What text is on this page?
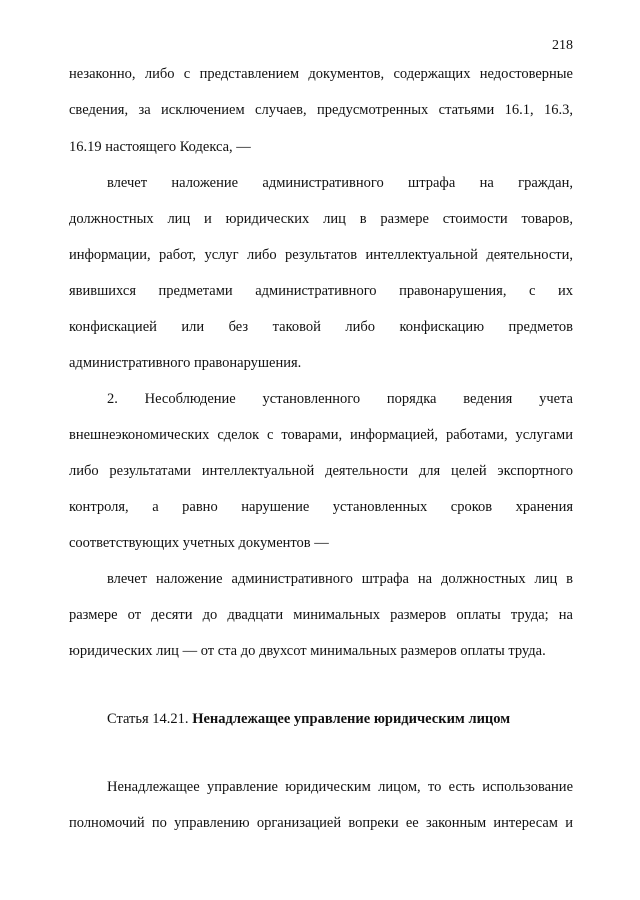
218
незаконно, либо с представлением документов, содержащих недостоверные
сведения, за исключением случаев, предусмотренных статьями 16.1, 16.3,
16.19 настоящего Кодекса, —
влечет наложение административного штрафа на граждан,
должностных лиц и юридических лиц в размере стоимости товаров,
информации, работ, услуг либо результатов интеллектуальной деятельности,
явившихся предметами административного правонарушения, с их
конфискацией или без таковой либо конфискацию предметов
административного правонарушения.
2. Несоблюдение установленного порядка ведения учета
внешнеэкономических сделок с товарами, информацией, работами, услугами
либо результатами интеллектуальной деятельности для целей экспортного
контроля, а равно нарушение установленных сроков хранения
соответствующих учетных документов —
влечет наложение административного штрафа на должностных лиц в
размере от десяти до двадцати минимальных размеров оплаты труда; на
юридических лиц — от ста до двухсот минимальных размеров оплаты труда.
Статья 14.21. Ненадлежащее управление юридическим лицом
Ненадлежащее управление юридическим лицом, то есть использование
полномочий по управлению организацией вопреки ее законным интересам и
